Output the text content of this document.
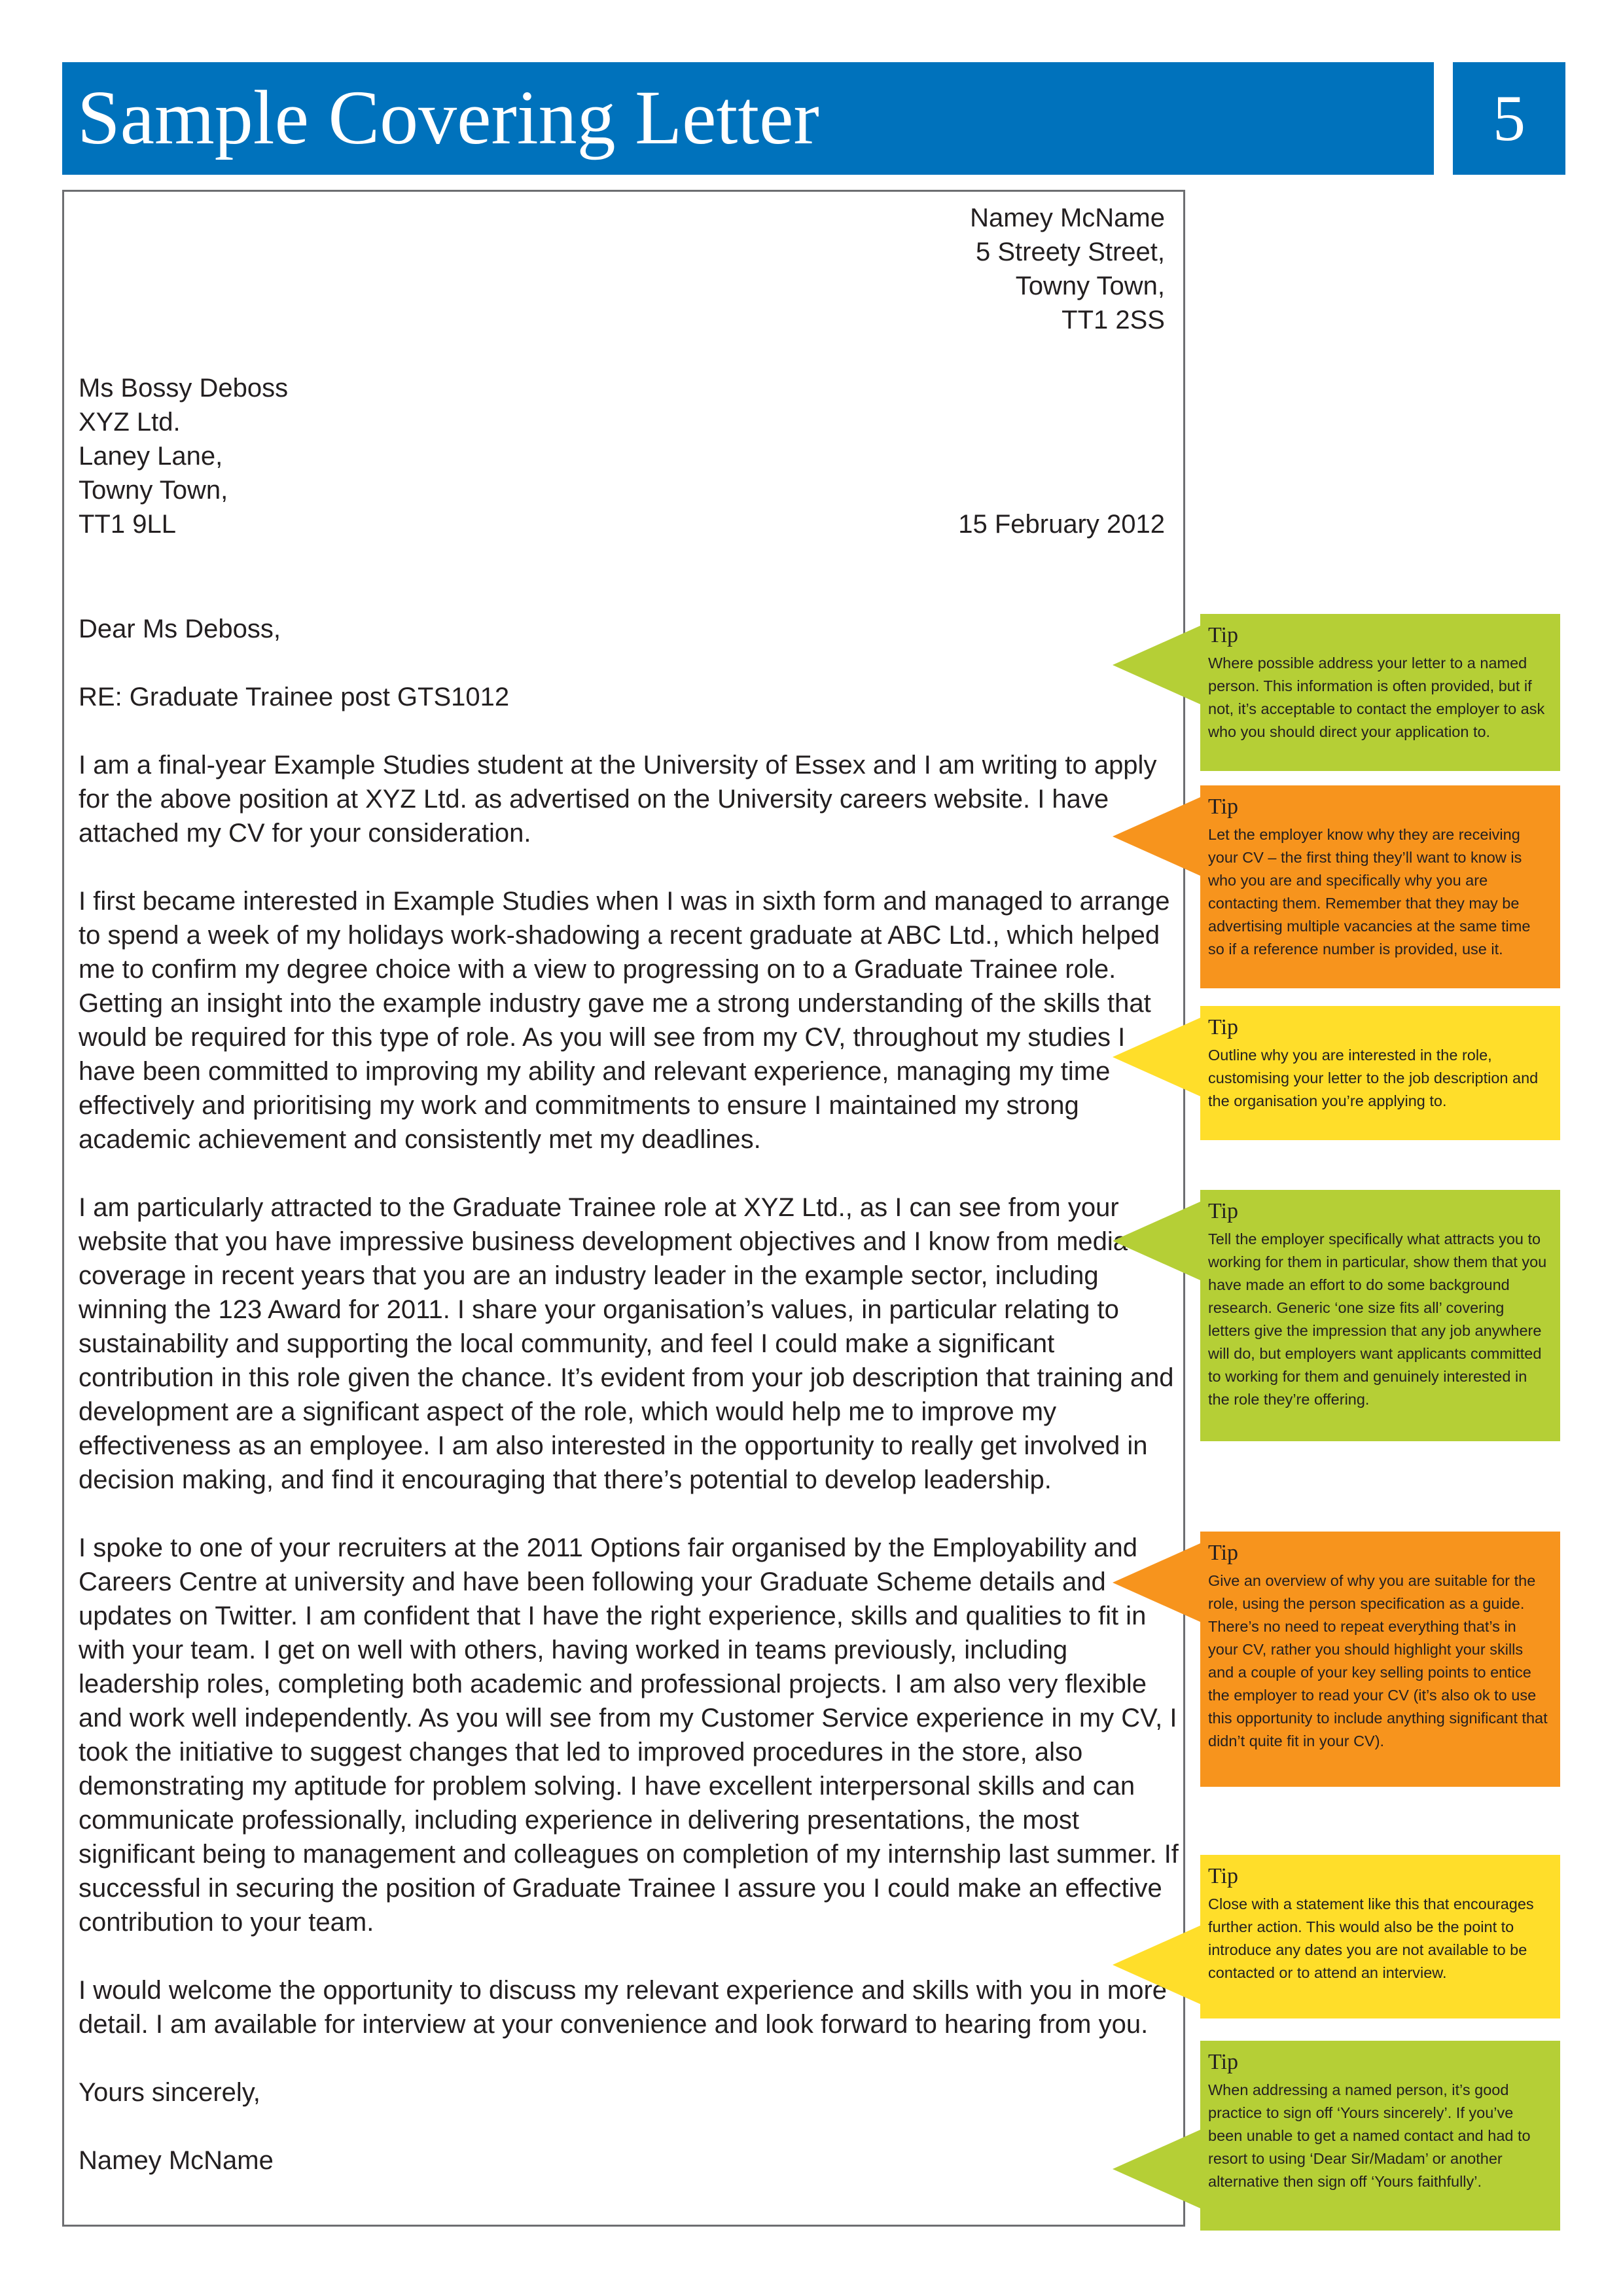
Sample Covering Letter	5
Namey McName
5 Streety Street,
Towny Town,
TT1 2SS
Ms Bossy Deboss
XYZ Ltd.
Laney Lane,
Towny Town,
TT1 9LL	15 February 2012

Dear Ms Deboss,

RE: Graduate Trainee post GTS1012

I am a final-year Example Studies student at the University of Essex and I am writing to apply for the above position at XYZ Ltd. as advertised on the University careers website. I have attached my CV for your consideration.

I first became interested in Example Studies when I was in sixth form and managed to arrange to spend a week of my holidays work-shadowing a recent graduate at ABC Ltd., which helped me to confirm my degree choice with a view to progressing on to a Graduate Trainee role. Getting an insight into the example industry gave me a strong understanding of the skills that would be required for this type of role. As you will see from my CV, throughout my studies I have been committed to improving my ability and relevant experience, managing my time effectively and prioritising my work and commitments to ensure I maintained my strong academic achievement and consistently met my deadlines.

I am particularly attracted to the Graduate Trainee role at XYZ Ltd., as I can see from your website that you have impressive business development objectives and I know from media coverage in recent years that you are an industry leader in the example sector, including winning the 123 Award for 2011. I share your organisation’s values, in particular relating to sustainability and supporting the local community, and feel I could make a significant contribution in this role given the chance. It’s evident from your job description that training and development are a significant aspect of the role, which would help me to improve my effectiveness as an employee. I am also interested in the opportunity to really get involved in decision making, and find it encouraging that there’s potential to develop leadership.

I spoke to one of your recruiters at the 2011 Options fair organised by the Employability and Careers Centre at university and have been following your Graduate Scheme details and updates on Twitter. I am confident that I have the right experience, skills and qualities to fit in with your team. I get on well with others, having worked in teams previously, including leadership roles, completing both academic and professional projects. I am also very flexible and work well independently. As you will see from my Customer Service experience in my CV, I took the initiative to suggest changes that led to improved procedures in the store, also demonstrating my aptitude for problem solving. I have excellent interpersonal skills and can communicate professionally, including experience in delivering presentations, the most significant being to management and colleagues on completion of my internship last summer. If successful in securing the position of Graduate Trainee I assure you I could make an effective contribution to your team.

I would welcome the opportunity to discuss my relevant experience and skills with you in more detail. I am available for interview at your convenience and look forward to hearing from you.

Yours sincerely,

Namey McName

Tip
Where possible address your letter to a named person. This information is often provided, but if not, it’s acceptable to contact the employer to ask who you should direct your application to.
Tip
Let the employer know why they are receiving your CV – the first thing they’ll want to know is who you are and specifically why you are contacting them. Remember that they may be advertising multiple vacancies at the same time so if a reference number is provided, use it.
Tip
Outline why you are interested in the role, customising your letter to the job description and the organisation you’re applying to.
Tip
Tell the employer specifically what attracts you to working for them in particular, show them that you have made an effort to do some background research. Generic ‘one size fits all’ covering letters give the impression that any job anywhere will do, but employers want applicants committed to working for them and genuinely interested in the role they’re offering.
Tip
Give an overview of why you are suitable for the role, using the person specification as a guide. There’s no need to repeat everything that’s in your CV, rather you should highlight your skills and a couple of your key selling points to entice the employer to read your CV (it’s also ok to use this opportunity to include anything significant that didn’t quite fit in your CV).
Tip
Close with a statement like this that encourages further action. This would also be the point to introduce any dates you are not available to be contacted or to attend an interview.
Tip
When addressing a named person, it’s good practice to sign off ‘Yours sincerely’. If you’ve been unable to get a named contact and had to resort to using ‘Dear Sir/Madam’ or another alternative then sign off ‘Yours faithfully’.
